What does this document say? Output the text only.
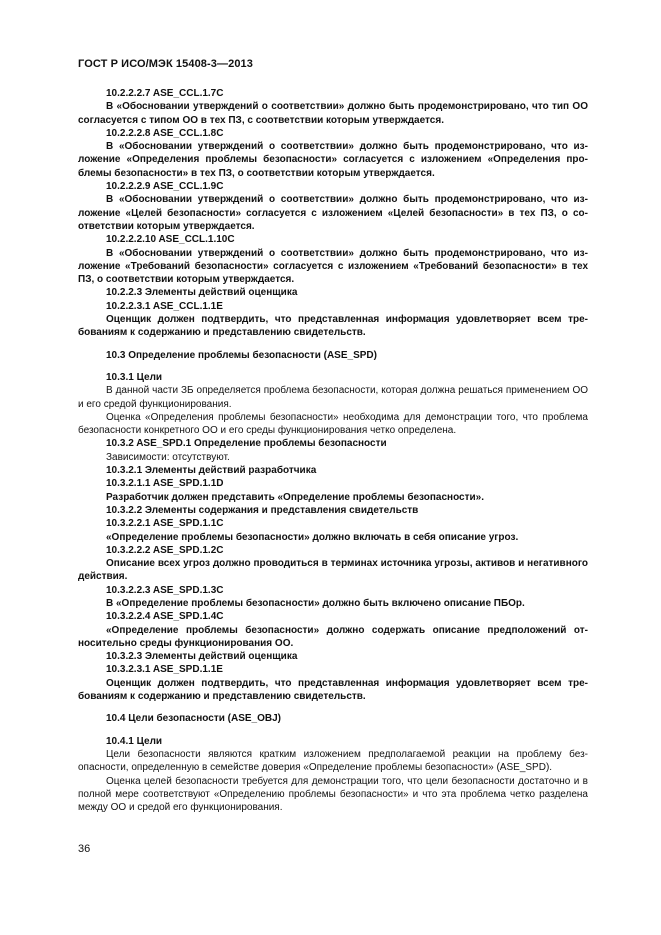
ГОСТ Р ИСО/МЭК 15408-3—2013

10.2.2.2.7 ASE_CCL.1.7C

В «Обосновании утверждений о соответствии» должно быть продемонстрировано, что тип ОО согласуется с типом ОО в тех ПЗ, с соответствии которым утверждается.

10.2.2.2.8 ASE_CCL.1.8C

В «Обосновании утверждений о соответствии» должно быть продемонстрировано, что изложение «Определения проблемы безопасности» согласуется с изложением «Определения проблемы безопасности» в тех ПЗ, о соответствии которым утверждается.

10.2.2.2.9 ASE_CCL.1.9C

В «Обосновании утверждений о соответствии» должно быть продемонстрировано, что изложение «Целей безопасности» согласуется с изложением «Целей безопасности» в тех ПЗ, о соответствии которым утверждается.

10.2.2.2.10 ASE_CCL.1.10C

В «Обосновании утверждений о соответствии» должно быть продемонстрировано, что изложение «Требований безопасности» согласуется с изложением «Требований безопасности» в тех ПЗ, о соответствии которым утверждается.

10.2.2.3 Элементы действий оценщика

10.2.2.3.1 ASE_CCL.1.1E

Оценщик должен подтвердить, что представленная информация удовлетворяет всем требованиям к содержанию и представлению свидетельств.

10.3 Определение проблемы безопасности (ASE_SPD)

10.3.1 Цели

В данной части ЗБ определяется проблема безопасности, которая должна решаться применением ОО и его средой функционирования.

Оценка «Определения проблемы безопасности» необходима для демонстрации того, что проблема безопасности конкретного ОО и его среды функционирования четко определена.

10.3.2 ASE_SPD.1 Определение проблемы безопасности

Зависимости: отсутствуют.

10.3.2.1 Элементы действий разработчика

10.3.2.1.1 ASE_SPD.1.1D

Разработчик должен представить «Определение проблемы безопасности».

10.3.2.2 Элементы содержания и представления свидетельств

10.3.2.2.1 ASE_SPD.1.1C

«Определение проблемы безопасности» должно включать в себя описание угроз.

10.3.2.2.2 ASE_SPD.1.2C

Описание всех угроз должно проводиться в терминах источника угрозы, активов и негативного действия.

10.3.2.2.3 ASE_SPD.1.3C

В «Определение проблемы безопасности» должно быть включено описание ПБОр.

10.3.2.2.4 ASE_SPD.1.4C

«Определение проблемы безопасности» должно содержать описание предположений относительно среды функционирования ОО.

10.3.2.3 Элементы действий оценщика

10.3.2.3.1 ASE_SPD.1.1E

Оценщик должен подтвердить, что представленная информация удовлетворяет всем требованиям к содержанию и представлению свидетельств.

10.4 Цели безопасности (ASE_OBJ)

10.4.1 Цели

Цели безопасности являются кратким изложением предполагаемой реакции на проблему безопасности, определенную в семействе доверия «Определение проблемы безопасности» (ASE_SPD).

Оценка целей безопасности требуется для демонстрации того, что цели безопасности достаточно и в полной мере соответствуют «Определению проблемы безопасности» и что эта проблема четко разделена между ОО и средой его функционирования.

36
